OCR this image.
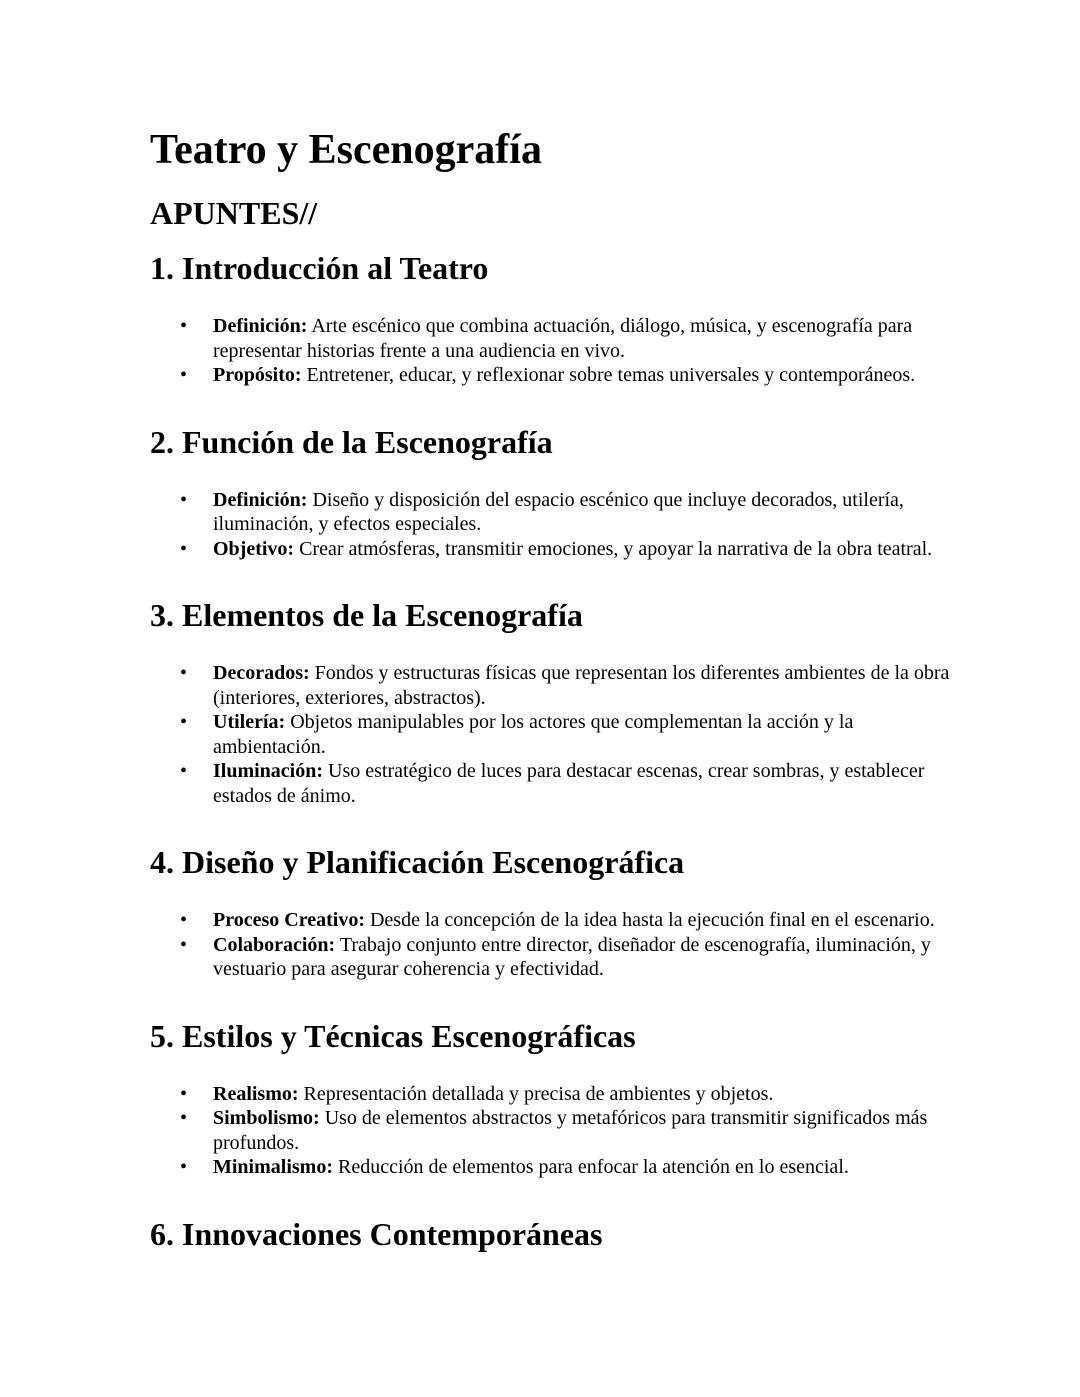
Teatro y Escenografía
APUNTES//
1. Introducción al Teatro
• Definición: Arte escénico que combina actuación, diálogo, música, y escenografía para representar historias frente a una audiencia en vivo.
• Propósito: Entretener, educar, y reflexionar sobre temas universales y contemporáneos.
2. Función de la Escenografía
• Definición: Diseño y disposición del espacio escénico que incluye decorados, utilería, iluminación, y efectos especiales.
• Objetivo: Crear atmósferas, transmitir emociones, y apoyar la narrativa de la obra teatral.
3. Elementos de la Escenografía
• Decorados: Fondos y estructuras físicas que representan los diferentes ambientes de la obra (interiores, exteriores, abstractos).
• Utilería: Objetos manipulables por los actores que complementan la acción y la ambientación.
• Iluminación: Uso estratégico de luces para destacar escenas, crear sombras, y establecer estados de ánimo.
4. Diseño y Planificación Escenográfica
• Proceso Creativo: Desde la concepción de la idea hasta la ejecución final en el escenario.
• Colaboración: Trabajo conjunto entre director, diseñador de escenografía, iluminación, y vestuario para asegurar coherencia y efectividad.
5. Estilos y Técnicas Escenográficas
• Realismo: Representación detallada y precisa de ambientes y objetos.
• Simbolismo: Uso de elementos abstractos y metafóricos para transmitir significados más profundos.
• Minimalismo: Reducción de elementos para enfocar la atención en lo esencial.
6. Innovaciones Contemporáneas
